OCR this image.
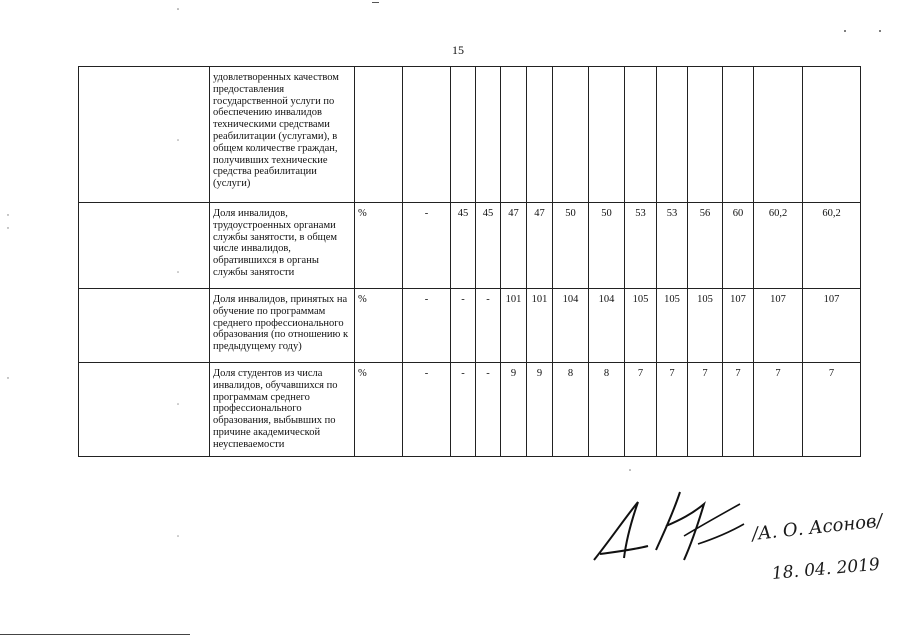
15
	удовлетворенных качеством предоставления государственной услуги по обеспечению инвалидов техническими средствами реабилитации (услугами), в общем количестве граждан, получивших технические средства реабилитации (услуги)														
	Доля инвалидов, трудоустроенных органами службы занятости, в общем числе инвалидов, обратившихся в органы службы занятости	%	-	45	45	47	47	50	50	53	53	56	60	60,2	60,2
	Доля инвалидов, принятых на обучение по программам среднего профессионального образования (по отношению к предыдущему году)	%	-	-	-	101	101	104	104	105	105	105	107	107	107
	Доля студентов из числа инвалидов, обучавшихся по программам среднего профессионального образования, выбывших по причине академической неуспеваемости	%	-	-	-	9	9	8	8	7	7	7	7	7	7
/А. О. Асонов/
18. 04. 2019
